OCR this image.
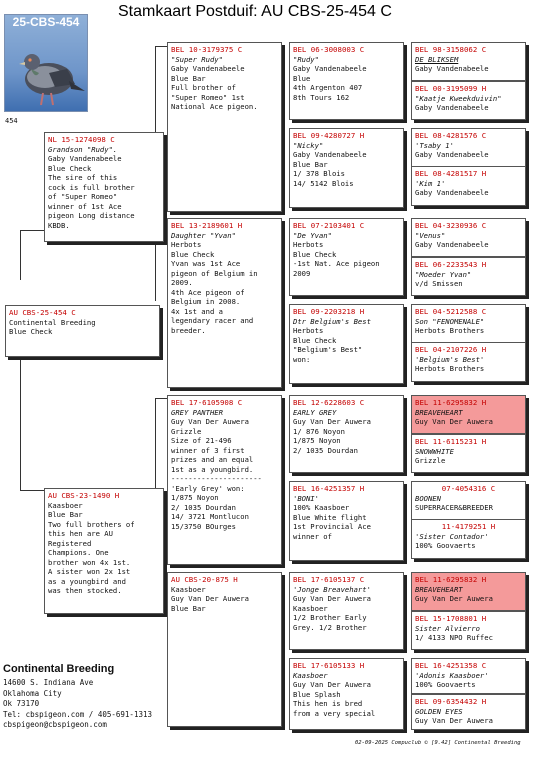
Stamkaart Postduif: AU CBS-25-454 C
25-CBS-454
454
AU CBS-25-454 C
Continental Breeding
Blue Check
NL 15-1274098 C
Grandson "Rudy".
Gaby Vandenabeele
Blue Check
The sire of this
cock is full brother
of "Super Romeo"
winner of 1st Ace
pigeon Long distance
KBDB.
AU CBS-23-1490 H
Kaasboer
Blue Bar
Two full brothers of
this hen are AU
Registered
Champions. One
brother won 4x 1st.
A sister won 2x 1st
as a youngbird and
was then stocked.
BEL 10-3179375 C
"Super Rudy"
Gaby Vandenabeele
Blue Bar
Full brother of
"Super Romeo" 1st
National Ace pigeon.
BEL 13-2189601 H
Daughter "Yvan"
Herbots
Blue Check
Yvan was 1st Ace
pigeon of Belgium in
2009.
4th Ace pigeon of
Belgium in 2008.
4x 1st and a
legendary racer and
breeder.
BEL 17-6105908 C
GREY PANTHER
Guy Van Der Auwera
Grizzle
Size of 21-496
winner of 3 first
prizes and an equal
1st as a youngbird.
---------------------
'Early Grey' won:
1/875 Noyon
2/ 1035 Dourdan
14/ 3721 Montlucon
15/3750 BOurges
AU CBS-20-875 H
Kaasboer
Guy Van Der Auwera
Blue Bar
BEL 06-3008003 C
"Rudy"
Gaby Vandenabeele
Blue
4th Argenton 407
8th Tours 162
BEL 09-4280727 H
"Nicky"
Gaby Vandenabeele
Blue Bar
1/ 378 Blois
14/ 5142 Blois
BEL 07-2103401 C
"De Yvan"
Herbots
Blue Check
-1st Nat. Ace pigeon
2009
BEL 09-2203218 H
Dtr Belgium's Best
Herbots
Blue Check
"Belgium's Best"
won:
BEL 12-6228603 C
EARLY GREY
Guy Van Der Auwera
1/ 876 Noyon
1/875 Noyon
2/ 1035 Dourdan
BEL 16-4251357 H
'BONI'
100% Kaasboer
Blue White flight
1st Provincial Ace
winner of
BEL 17-6105137 C
'Jonge Breavehart'
Guy Van Der Auwera
Kaasboer
1/2 Brother Early
Grey. 1/2 Brother
BEL 17-6105133 H
Kaasboer
Guy Van Der Auwera
Blue Splash
This hen is bred
from a very special
BEL 98-3158062 C
DE BLIKSEM
Gaby Vandenabeele
BEL 00-3195099 H
"Kaatje Kweekduivin"
Gaby Vandenabeele
BEL 08-4281576 C
'Tsaby 1'
Gaby Vandenabeele
BEL 08-4281517 H
'Kim 1'
Gaby Vandenabeele
BEL 04-3230936 C
"Venus"
Gaby Vandenabeele
BEL 06-2233543 H
"Moeder Yvan"
v/d Smissen
BEL 04-5212588 C
Son "FENOMENALE"
Herbots Brothers
BEL 04-2107226 H
'Belgium's Best'
Herbots Brothers
BEL 11-6295832 H
BREAVEHEART
Guy Van Der Auwera
BEL 11-6115231 H
SNOWWHITE
Grizzle
07-4054316 C
BOONEN
SUPERRACER&BREEDER
11-4179251 H
'Sister Contador'
100% Goovaerts
BEL 11-6295832 H
BREAVEHEART
Guy Van Der Auwera
BEL 15-1708801 H
Sister Alvierro
1/ 4133 NPO Ruffec
BEL 16-4251358 C
'Adonis Kaasboer'
100% Goovaerts
BEL 09-6354432 H
GOLDEN EYES
Guy Van Der Auwera
Continental Breeding
14600 S. Indiana Ave
Oklahoma City
Ok 73170
Tel: cbspigeon.com / 405-691-1313
cbspigeon@cbspigeon.com
02-09-2025 Compuclub © [9.42] Continental Breeding
